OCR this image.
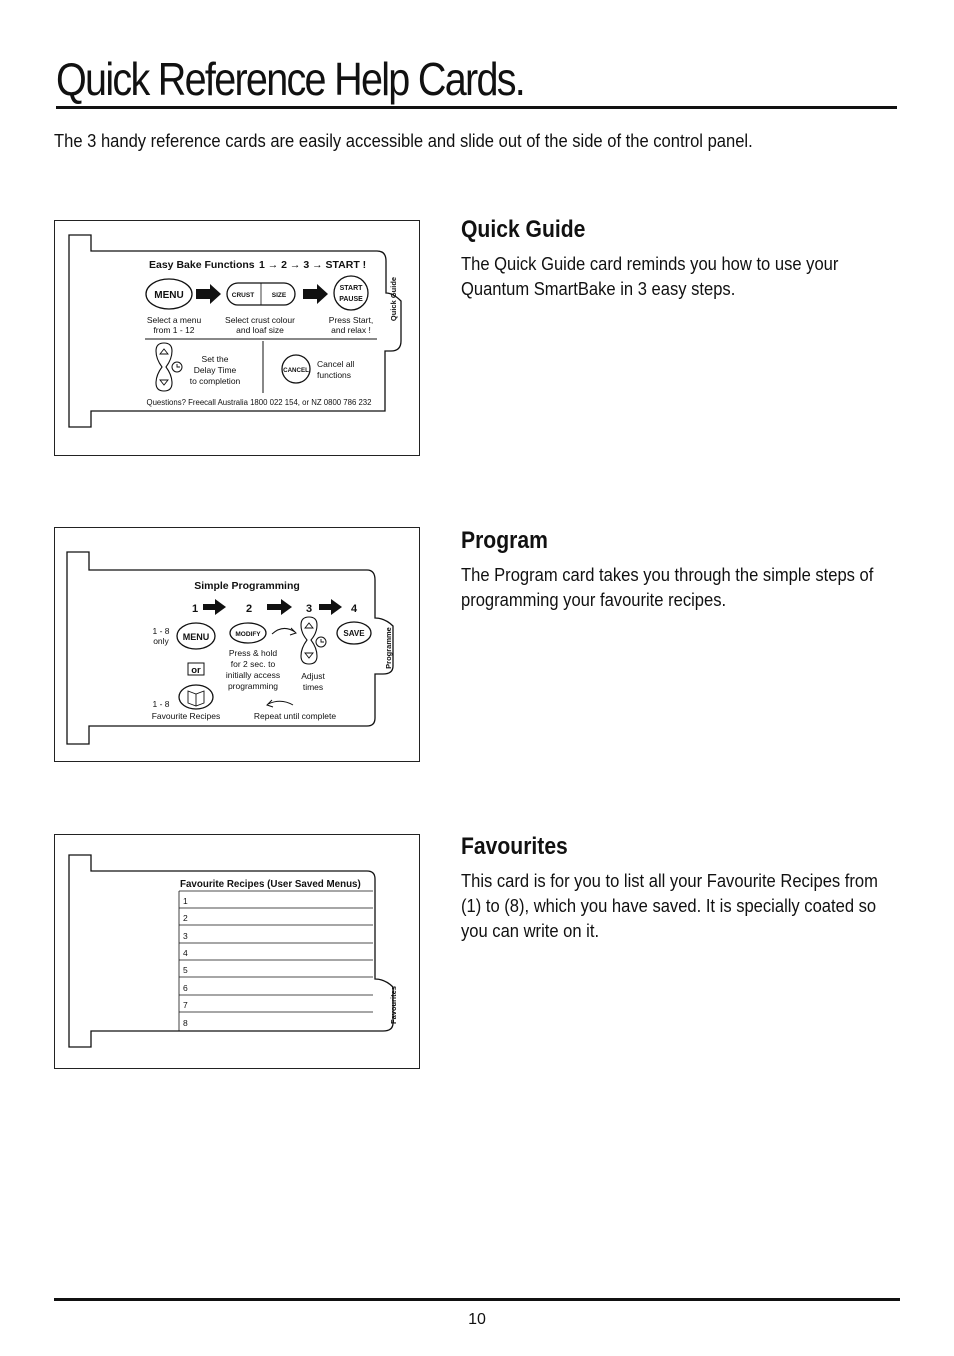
Quick Reference Help Cards.
The 3 handy reference cards are easily accessible and slide out of the side of the control panel.
Easy Bake Functions 1 → 2 → 3 → START !
Quick Guide
MENU	CRUST	SIZE
START
PAUSE
Select a menu
from 1 - 12
Select crust colour
and loaf size
Press Start,
and relax !
Set the
Delay Time
to completion
CANCEL
Cancel all
functions
Questions? Freecall Australia 1800 022 154, or NZ 0800 786 232
Quick Guide

The Quick Guide card reminds you how to use your Quantum SmartBake in 3 easy steps.

Simple Programming
1	2	3	4
Programme
1 - 8
only MENU
or
1 - 8
Favourite Recipes
MODIFY
Press & hold
for 2 sec. to
initially access
programming
Adjust
times
SAVE
Repeat until complete
Program

The Program card takes you through the simple steps of programming your favourite recipes.

Favourite Recipes (User Saved Menus)
Favourites
1
2
3
4
5
6
7
8
Favourites

This card is for you to list all your Favourite Recipes from (1) to (8), which you have saved. It is specially coated so you can write on it.

10
